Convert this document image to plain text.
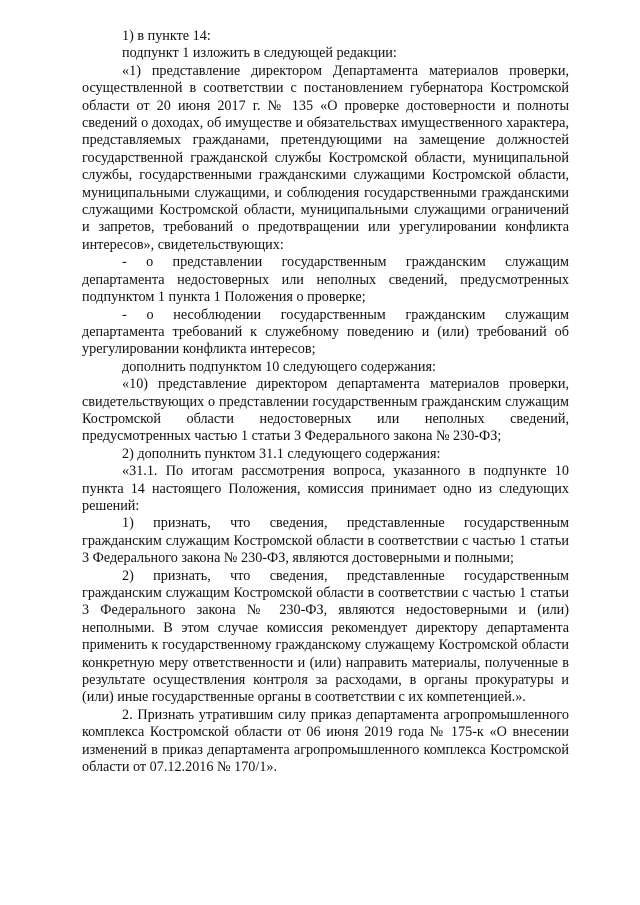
1) в пункте 14:

подпункт 1 изложить в следующей редакции:

«1) представление директором Департамента материалов проверки, осуществленной в соответствии с постановлением губернатора Костромской области от 20 июня 2017 г. № 135 «О проверке достоверности и полноты сведений о доходах, об имуществе и обязательствах имущественного характера, представляемых гражданами, претендующими на замещение должностей государственной гражданской службы Костромской области, муниципальной службы, государственными гражданскими служащими Костромской области, муниципальными служащими, и соблюдения государственными гражданскими служащими Костромской области, муниципальными служащими ограничений и запретов, требований о предотвращении или урегулировании конфликта интересов», свидетельствующих:

- о представлении государственным гражданским служащим департамента недостоверных или неполных сведений, предусмотренных подпунктом 1 пункта 1 Положения о проверке;

- о несоблюдении государственным гражданским служащим департамента требований к служебному поведению и (или) требований об урегулировании конфликта интересов;

дополнить подпунктом 10 следующего содержания:

«10) представление директором департамента материалов проверки, свидетельствующих о представлении государственным гражданским служащим Костромской области недостоверных или неполных сведений, предусмотренных частью 1 статьи 3 Федерального закона № 230-ФЗ;

2) дополнить пунктом 31.1 следующего содержания:

«31.1. По итогам рассмотрения вопроса, указанного в подпункте 10 пункта 14 настоящего Положения, комиссия принимает одно из следующих решений:

1) признать, что сведения, представленные государственным гражданским служащим Костромской области в соответствии с частью 1 статьи 3 Федерального закона № 230-ФЗ, являются достоверными и полными;

2) признать, что сведения, представленные государственным гражданским служащим Костромской области в соответствии с частью 1 статьи 3 Федерального закона № 230-ФЗ, являются недостоверными и (или) неполными. В этом случае комиссия рекомендует директору департамента применить к государственному гражданскому служащему Костромской области конкретную меру ответственности и (или) направить материалы, полученные в результате осуществления контроля за расходами, в органы прокуратуры и (или) иные государственные органы в соответствии с их компетенцией.».

2. Признать утратившим силу приказ департамента агропромышленного комплекса Костромской области от 06 июня 2019 года № 175-к «О внесении изменений в приказ департамента агропромышленного комплекса Костромской области от 07.12.2016 № 170/1».
